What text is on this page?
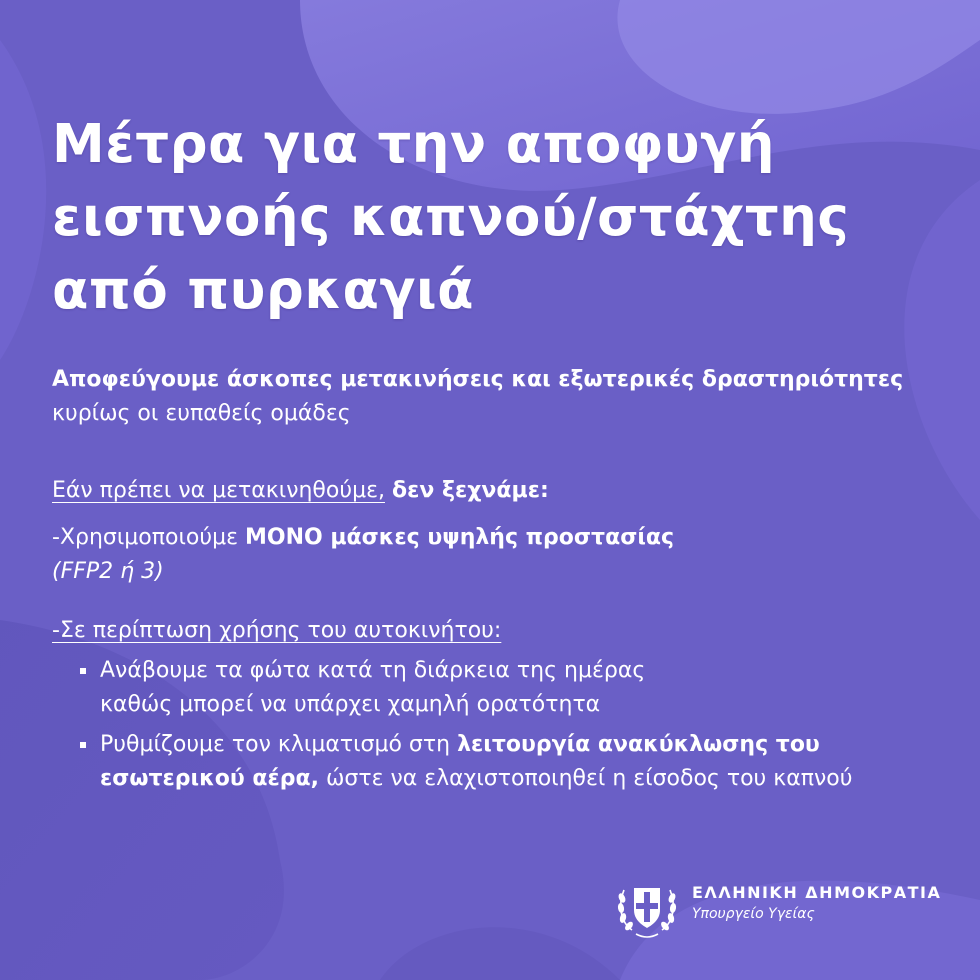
Μέτρα για την αποφυγή
εισπνοής καπνού/στάχτης
από πυρκαγιά
Αποφεύγουμε άσκοπες μετακινήσεις και εξωτερικές δραστηριότητες κυρίως οι ευπαθείς ομάδες
Εάν πρέπει να μετακινηθούμε, δεν ξεχνάμε:
-Χρησιμοποιούμε ΜΟΝΟ μάσκες υψηλής προστασίας
(FFP2 ή 3)
-Σε περίπτωση χρήσης του αυτοκινήτου:
Ανάβουμε τα φώτα κατά τη διάρκεια της ημέρας
καθώς μπορεί να υπάρχει χαμηλή ορατότητα
Ρυθμίζουμε τον κλιματισμό στη λειτουργία ανακύκλωσης του εσωτερικού αέρα, ώστε να ελαχιστοποιηθεί η είσοδος του καπνού
ΕΛΛΗΝΙΚΗ ΔΗΜΟΚΡΑΤΙΑ
Υπουργείο Υγείας
